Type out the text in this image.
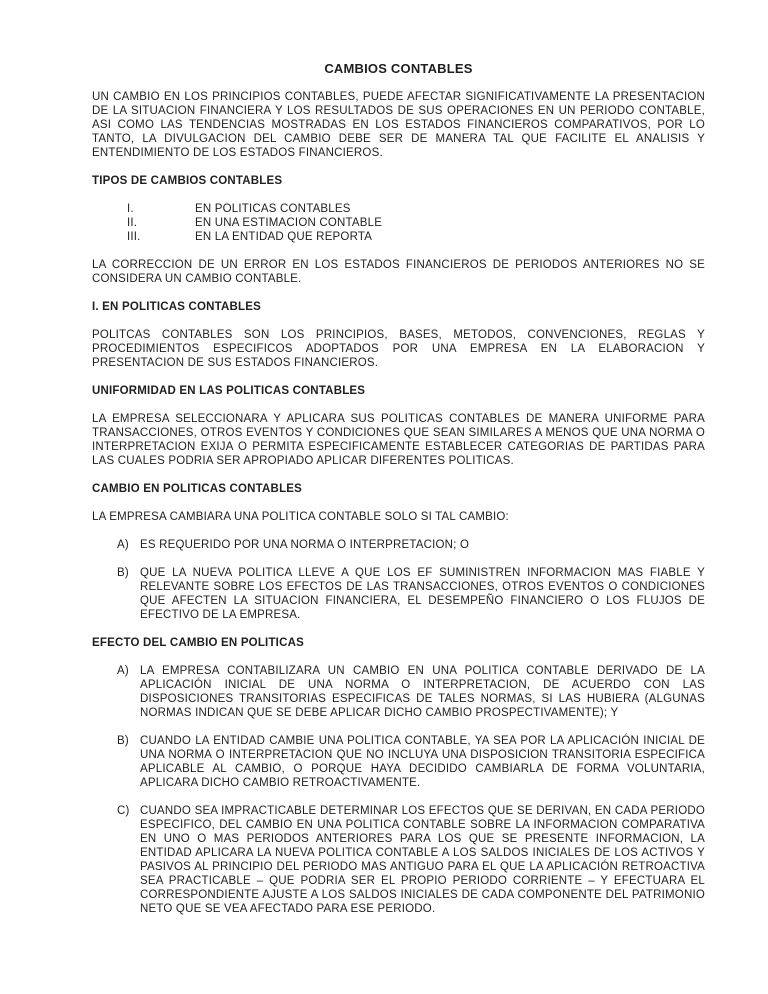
CAMBIOS CONTABLES

UN CAMBIO EN LOS PRINCIPIOS CONTABLES, PUEDE AFECTAR SIGNIFICATIVAMENTE LA PRESENTACION DE LA SITUACION FINANCIERA Y LOS RESULTADOS DE SUS OPERACIONES EN UN PERIODO CONTABLE, ASI COMO LAS TENDENCIAS MOSTRADAS EN LOS ESTADOS FINANCIEROS COMPARATIVOS, POR LO TANTO, LA DIVULGACION DEL CAMBIO DEBE SER DE MANERA TAL QUE FACILITE EL ANALISIS Y ENTENDIMIENTO DE LOS ESTADOS FINANCIEROS.

TIPOS DE CAMBIOS CONTABLES
I.	EN POLITICAS CONTABLES
II.	EN UNA ESTIMACION CONTABLE
III.	EN LA ENTIDAD QUE REPORTA

LA CORRECCION DE UN ERROR EN LOS ESTADOS FINANCIEROS DE PERIODOS ANTERIORES NO SE CONSIDERA UN CAMBIO CONTABLE.

I. EN POLITICAS CONTABLES

POLITCAS CONTABLES SON LOS PRINCIPIOS, BASES, METODOS, CONVENCIONES, REGLAS Y PROCEDIMIENTOS ESPECIFICOS ADOPTADOS POR UNA EMPRESA EN LA ELABORACION Y PRESENTACION DE SUS ESTADOS FINANCIEROS.

UNIFORMIDAD EN LAS POLITICAS CONTABLES

LA EMPRESA SELECCIONARA Y APLICARA SUS POLITICAS CONTABLES DE MANERA UNIFORME PARA TRANSACCIONES, OTROS EVENTOS Y CONDICIONES QUE SEAN SIMILARES A MENOS QUE UNA NORMA O INTERPRETACION EXIJA O PERMITA ESPECIFICAMENTE ESTABLECER CATEGORIAS DE PARTIDAS PARA LAS CUALES PODRIA SER APROPIADO APLICAR DIFERENTES POLITICAS.

CAMBIO EN POLITICAS CONTABLES

LA EMPRESA CAMBIARA UNA POLITICA CONTABLE SOLO SI TAL CAMBIO:

A) ES REQUERIDO POR UNA NORMA O INTERPRETACION; O
B) QUE LA NUEVA POLITICA LLEVE A QUE LOS EF SUMINISTREN INFORMACION MAS FIABLE Y RELEVANTE SOBRE LOS EFECTOS DE LAS TRANSACCIONES, OTROS EVENTOS O CONDICIONES QUE AFECTEN LA SITUACION FINANCIERA, EL DESEMPEÑO FINANCIERO O LOS FLUJOS DE EFECTIVO DE LA EMPRESA.
EFECTO DEL CAMBIO EN POLITICAS
A) LA EMPRESA CONTABILIZARA UN CAMBIO EN UNA POLITICA CONTABLE DERIVADO DE LA APLICACIÓN INICIAL DE UNA NORMA O INTERPRETACION, DE ACUERDO CON LAS DISPOSICIONES TRANSITORIAS ESPECIFICAS DE TALES NORMAS, SI LAS HUBIERA (ALGUNAS NORMAS INDICAN QUE SE DEBE APLICAR DICHO CAMBIO PROSPECTIVAMENTE); Y
B) CUANDO LA ENTIDAD CAMBIE UNA POLITICA CONTABLE, YA SEA POR LA APLICACIÓN INICIAL DE UNA NORMA O INTERPRETACION QUE NO INCLUYA UNA DISPOSICION TRANSITORIA ESPECIFICA APLICABLE AL CAMBIO, O PORQUE HAYA DECIDIDO CAMBIARLA DE FORMA VOLUNTARIA, APLICARA DICHO CAMBIO RETROACTIVAMENTE.
C) CUANDO SEA IMPRACTICABLE DETERMINAR LOS EFECTOS QUE SE DERIVAN, EN CADA PERIODO ESPECIFICO, DEL CAMBIO EN UNA POLITICA CONTABLE SOBRE LA INFORMACION COMPARATIVA EN UNO O MAS PERIODOS ANTERIORES PARA LOS QUE SE PRESENTE INFORMACION, LA ENTIDAD APLICARA LA NUEVA POLITICA CONTABLE A LOS SALDOS INICIALES DE LOS ACTIVOS Y PASIVOS AL PRINCIPIO DEL PERIODO MAS ANTIGUO PARA EL QUE LA APLICACIÓN RETROACTIVA SEA PRACTICABLE – QUE PODRIA SER EL PROPIO PERIODO CORRIENTE – Y EFECTUARA EL CORRESPONDIENTE AJUSTE A LOS SALDOS INICIALES DE CADA COMPONENTE DEL PATRIMONIO NETO QUE SE VEA AFECTADO PARA ESE PERIODO.
